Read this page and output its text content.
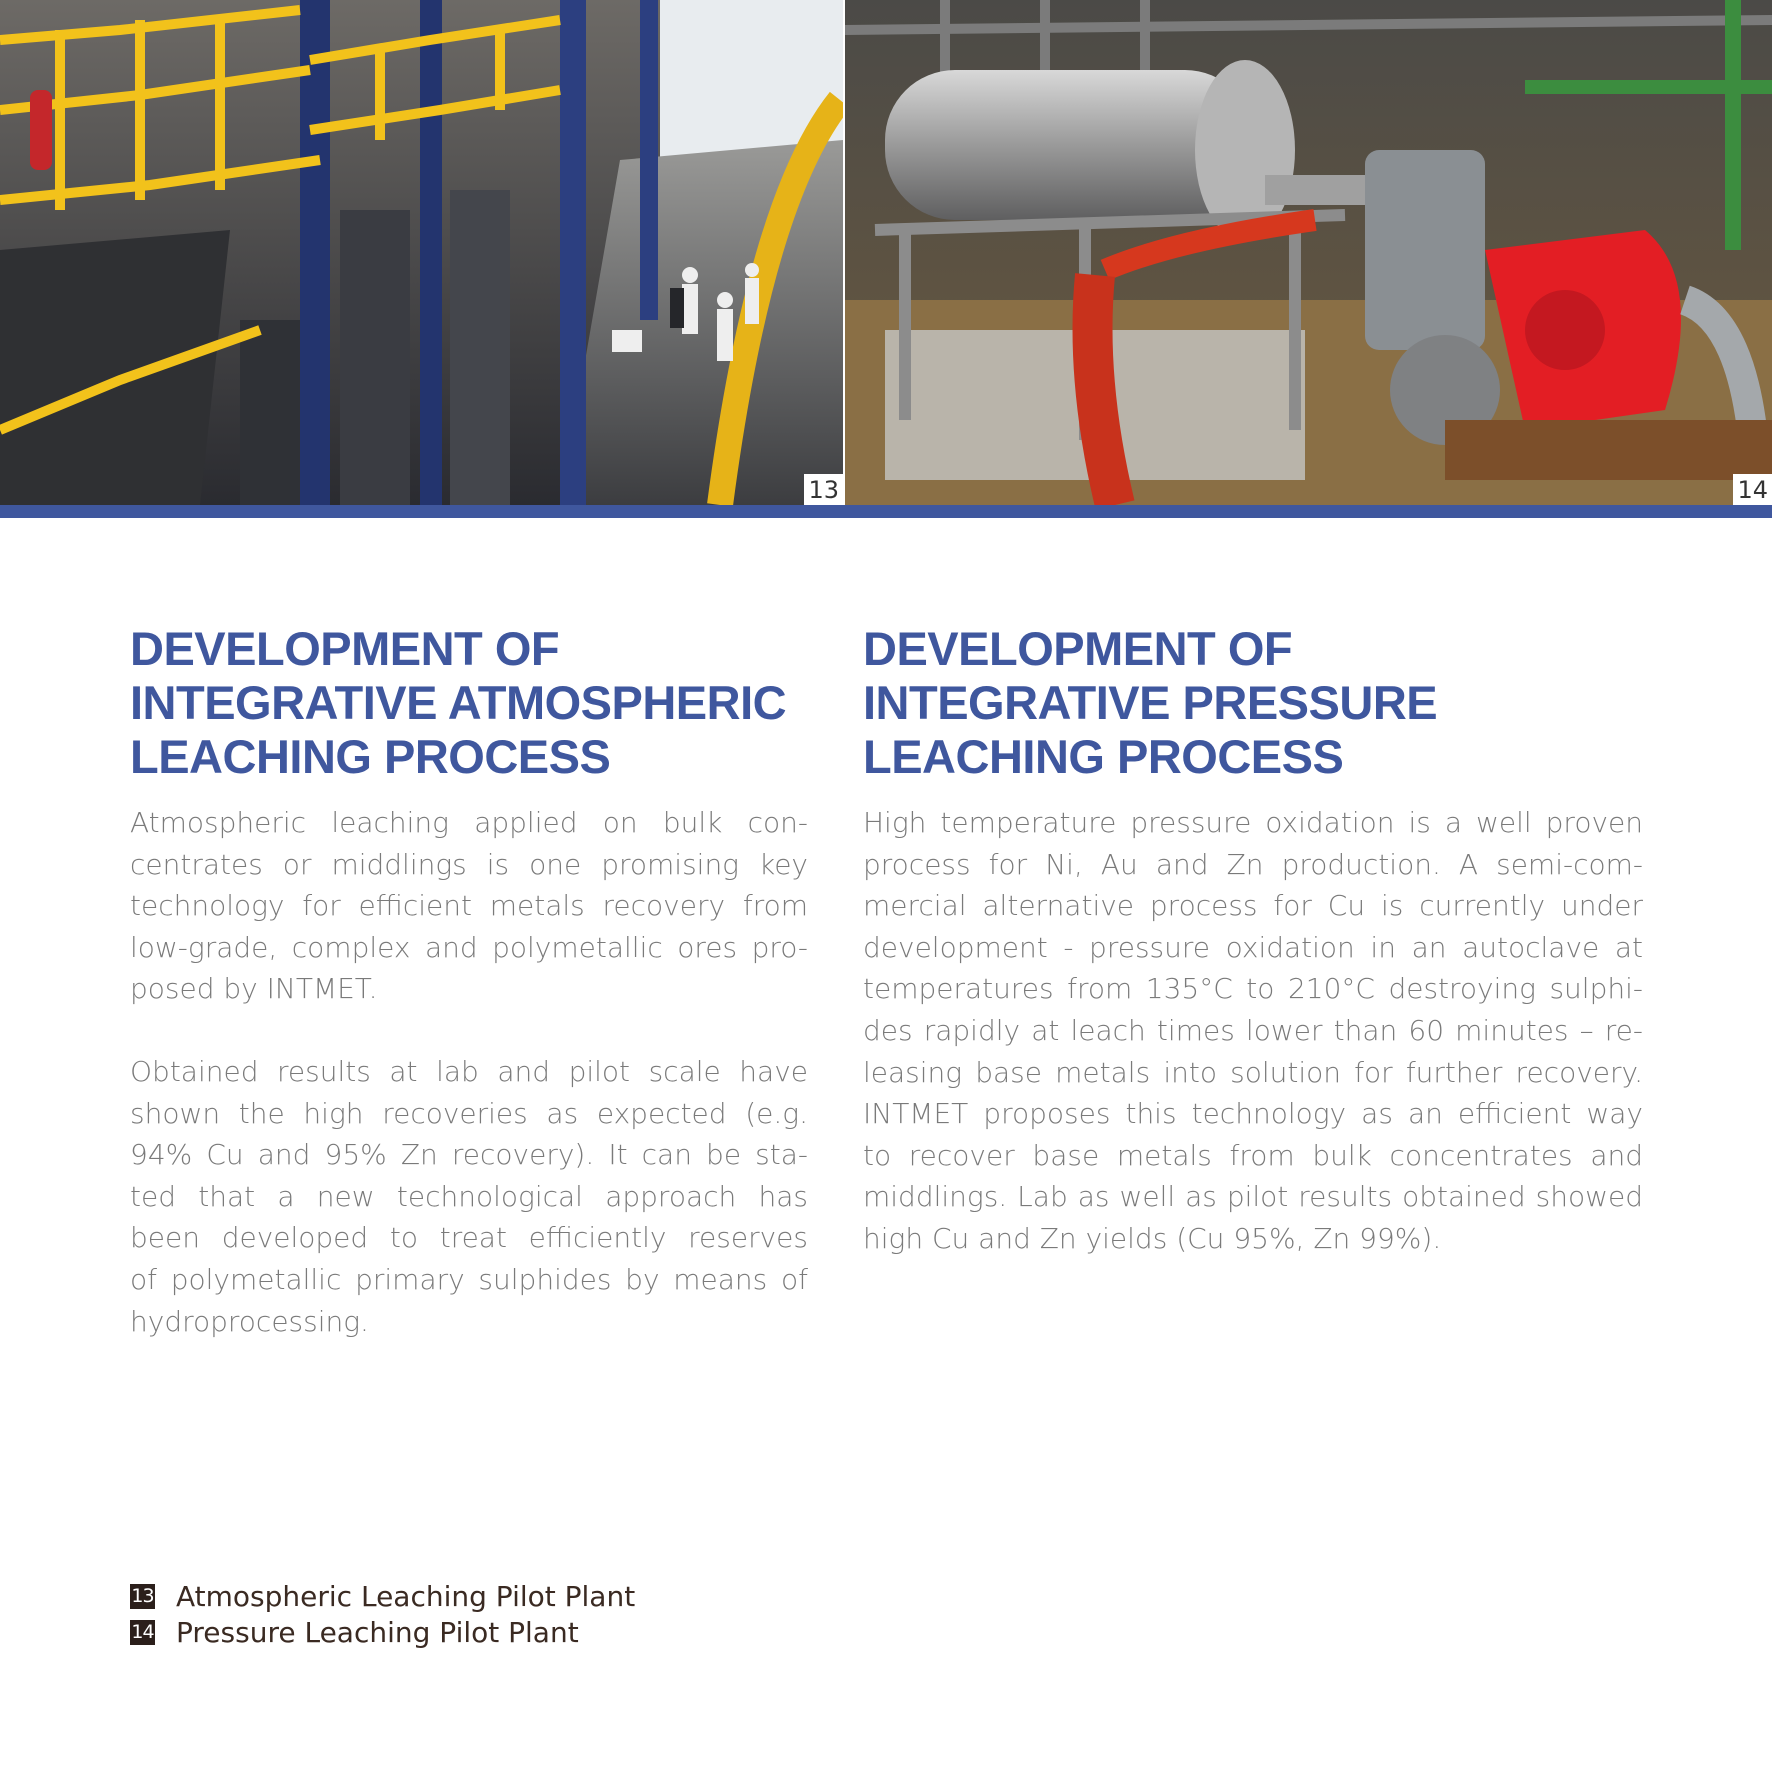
13	14
DEVELOPMENT OF
INTEGRATIVE ATMOSPHERIC
LEACHING PROCESS
Atmospheric leaching applied on bulk con-
centrates or middlings is one promising key
technology for efficient metals recovery from
low-grade, complex and polymetallic ores pro-
posed by INTMET.
Obtained results at lab and pilot scale have
shown the high recoveries as expected (e.g.
94% Cu and 95% Zn recovery). It can be sta-
ted that a new technological approach has
been developed to treat efficiently reserves
of polymetallic primary sulphides by means of
hydroprocessing.
DEVELOPMENT OF
INTEGRATIVE PRESSURE
LEACHING PROCESS
High temperature pressure oxidation is a well proven
process for Ni, Au and Zn production. A semi-com-
mercial alternative process for Cu is currently under
development - pressure oxidation in an autoclave at
temperatures from 135°C to 210°C destroying sulphi-
des rapidly at leach times lower than 60 minutes – re-
leasing base metals into solution for further recovery.
INTMET proposes this technology as an efficient way
to recover base metals from bulk concentrates and
middlings. Lab as well as pilot results obtained showed
high Cu and Zn yields (Cu 95%, Zn 99%).
13 Atmospheric Leaching Pilot Plant
14 Pressure Leaching Pilot Plant
